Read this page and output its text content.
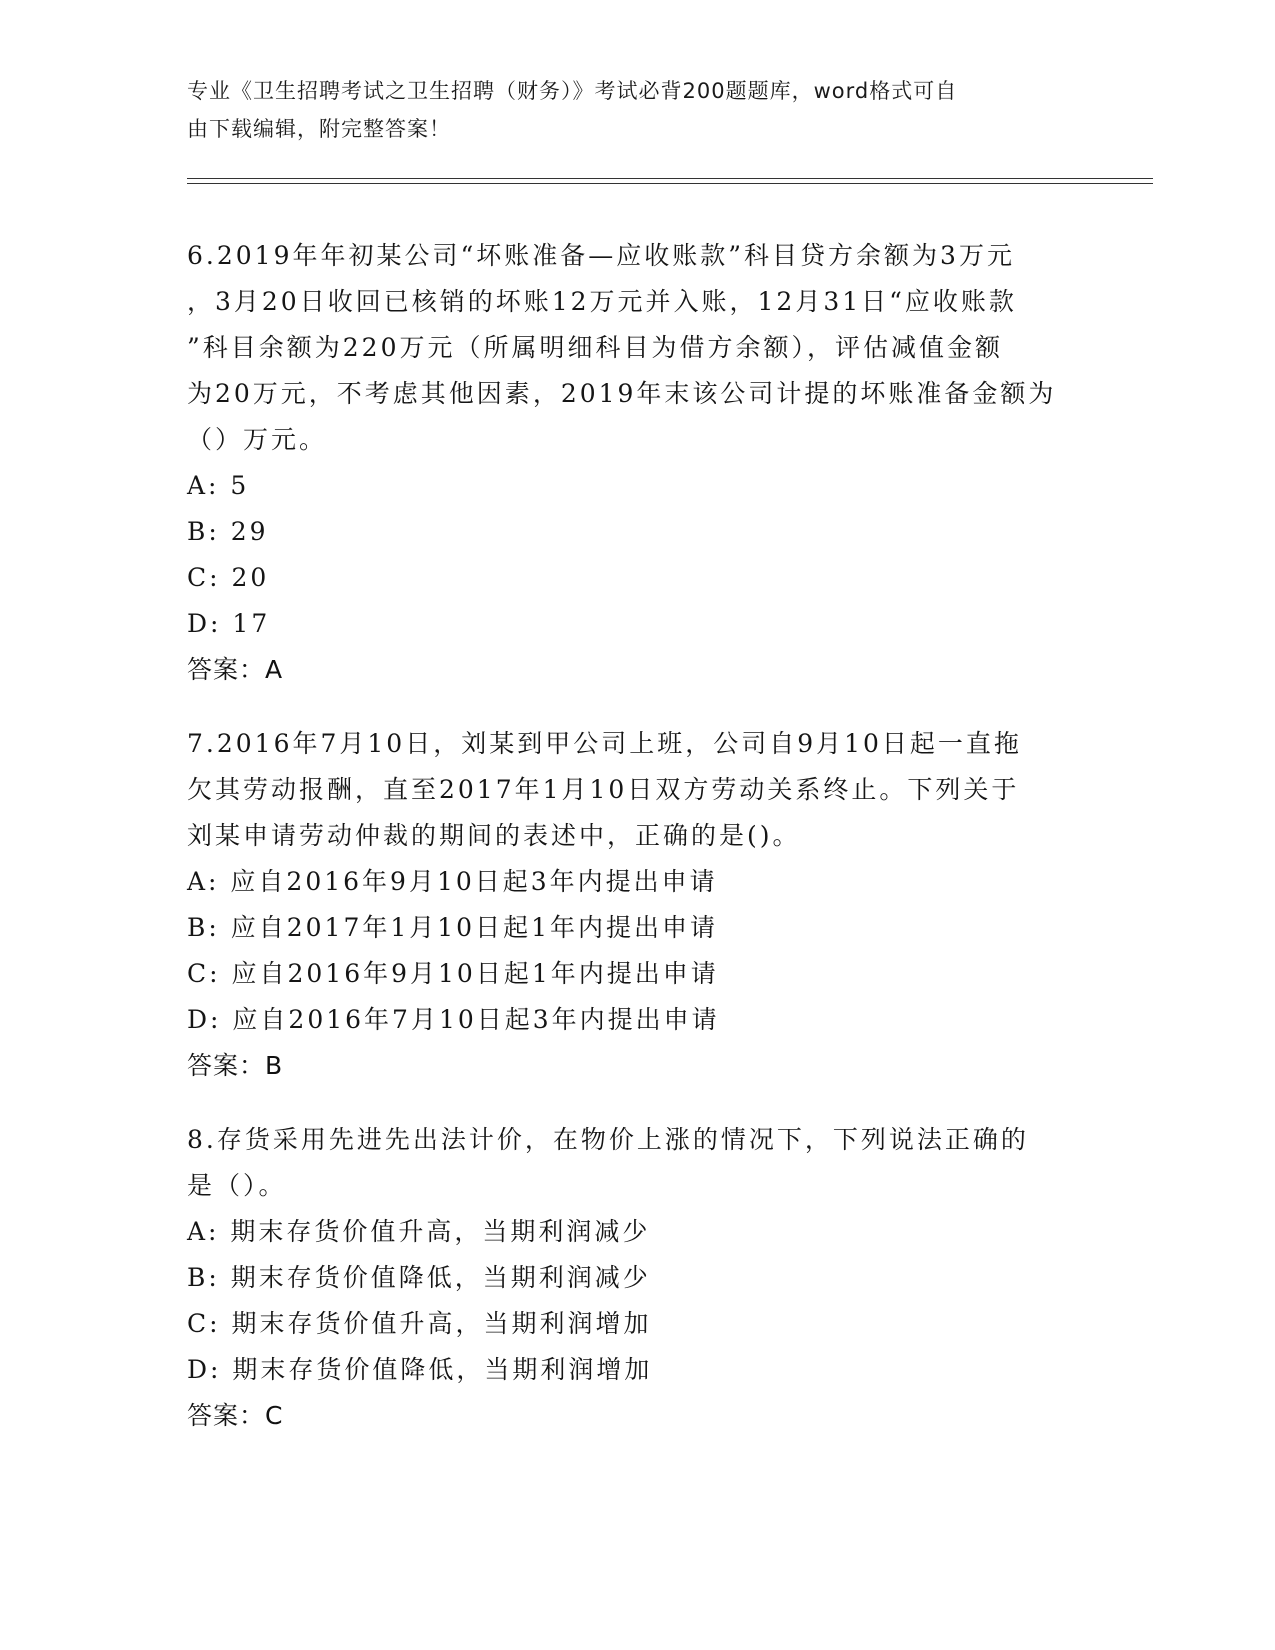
专业《卫生招聘考试之卫生招聘（财务）》考试必背200题题库，word格式可自
由下载编辑，附完整答案！
6.2019年年初某公司“坏账准备—应收账款”科目贷方余额为3万元
，3月20日收回已核销的坏账12万元并入账，12月31日“应收账款
”科目余额为220万元（所属明细科目为借方余额），评估减值金额
为20万元，不考虑其他因素，2019年末该公司计提的坏账准备金额为
（）万元。
A: 5
B: 29
C: 20
D: 17
答案：A
7.2016年7月10日，刘某到甲公司上班，公司自9月10日起一直拖
欠其劳动报酬，直至2017年1月10日双方劳动关系终止。下列关于
刘某申请劳动仲裁的期间的表述中，正确的是()。
A: 应自2016年9月10日起3年内提出申请
B: 应自2017年1月10日起1年内提出申请
C: 应自2016年9月10日起1年内提出申请
D: 应自2016年7月10日起3年内提出申请
答案：B
8.存货采用先进先出法计价，在物价上涨的情况下，下列说法正确的
是（）。
A: 期末存货价值升高，当期利润减少
B: 期末存货价值降低，当期利润减少
C: 期末存货价值升高，当期利润增加
D: 期末存货价值降低，当期利润增加
答案：C
